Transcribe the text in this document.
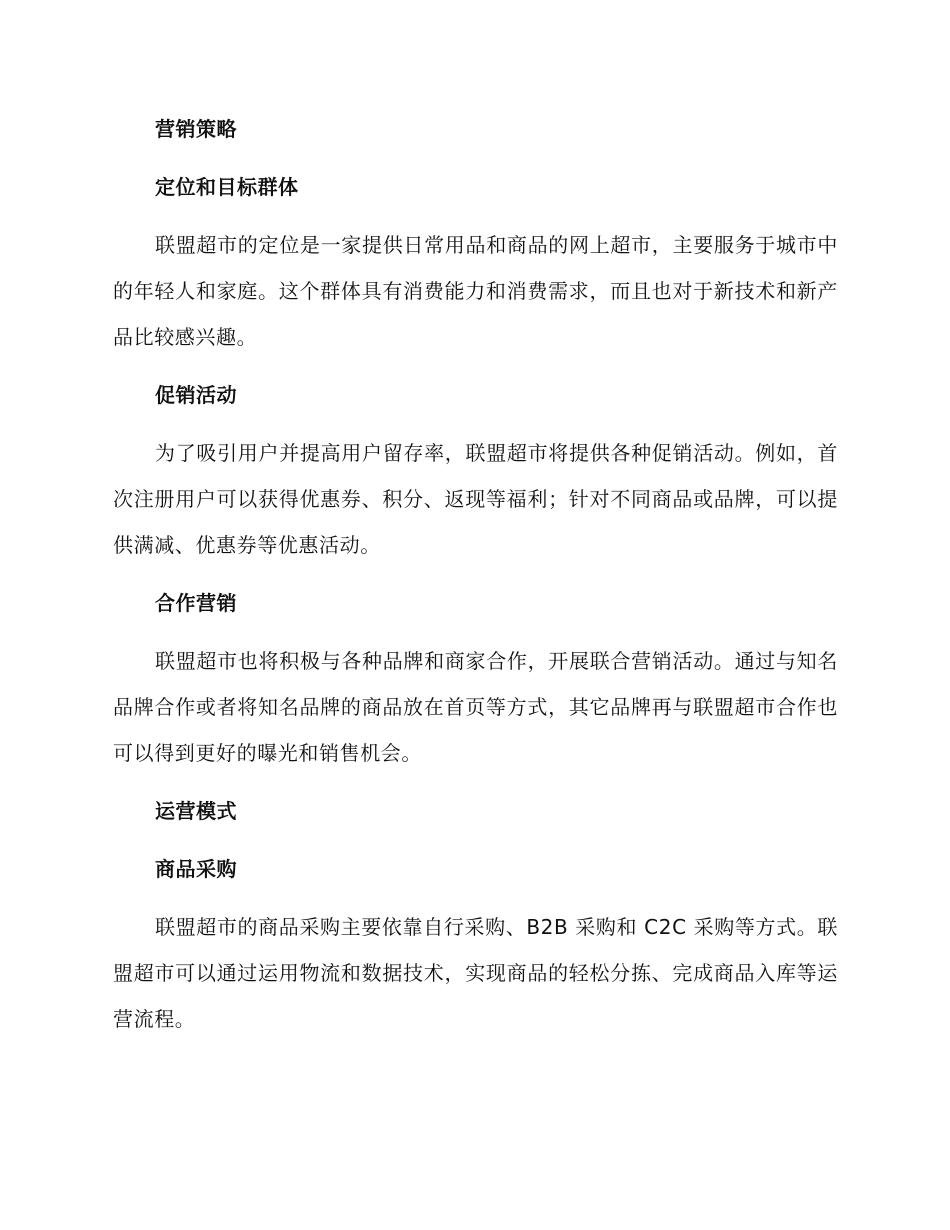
营销策略
定位和目标群体

联盟超市的定位是一家提供日常用品和商品的网上超市，主要服务于城市中的年轻人和家庭。这个群体具有消费能力和消费需求，而且也对于新技术和新产品比较感兴趣。

促销活动

为了吸引用户并提高用户留存率，联盟超市将提供各种促销活动。例如，首次注册用户可以获得优惠券、积分、返现等福利；针对不同商品或品牌，可以提供满减、优惠券等优惠活动。

合作营销

联盟超市也将积极与各种品牌和商家合作，开展联合营销活动。通过与知名品牌合作或者将知名品牌的商品放在首页等方式，其它品牌再与联盟超市合作也可以得到更好的曝光和销售机会。

运营模式
商品采购

联盟超市的商品采购主要依靠自行采购、B2B 采购和 C2C 采购等方式。联盟超市可以通过运用物流和数据技术，实现商品的轻松分拣、完成商品入库等运营流程。
